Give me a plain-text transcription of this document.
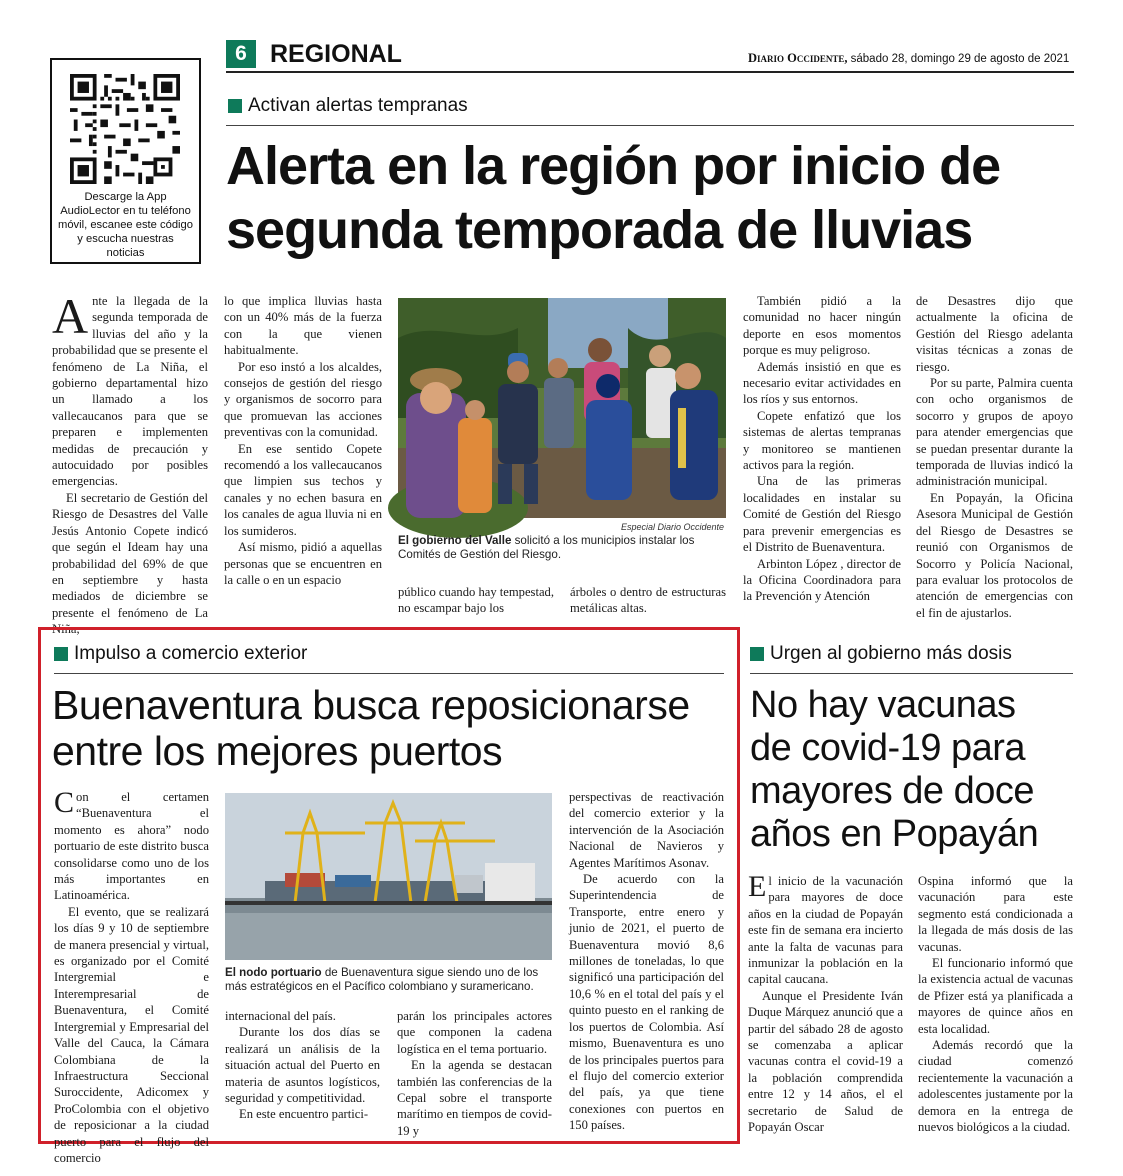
6 REGIONAL	Diario Occidente, sábado 28, domingo 29 de agosto de 2021
Descarge la App AudioLector en tu teléfono móvil, escanee este código y escucha nuestras noticias
Activan alertas tempranas
Alerta en la región por inicio de
segunda temporada de lluvias

Ante la llegada de la segunda temporada de lluvias del año y la probabilidad que se presente el fenómeno de La Niña, el gobierno departamental hizo un llamado a los vallecaucanos para que se preparen e implementen medidas de precaución y autocuidado por posibles emergencias.

El secretario de Gestión del Riesgo de Desastres del Valle Jesús Antonio Copete indicó que según el Ideam hay una probabilidad del 69% de que en septiembre y hasta mediados de diciembre se presente el fenómeno de La Niña,

lo que implica lluvias hasta con un 40% más de la fuerza con la que vienen habitualmente.

Por eso instó a los alcaldes, consejos de gestión del riesgo y organismos de socorro para que promuevan las acciones preventivas con la comunidad.

En ese sentido Copete recomendó a los vallecaucanos que limpien sus techos y canales y no echen basura en los canales de agua lluvia ni en los sumideros.

Así mismo, pidió a aquellas personas que se encuentren en la calle o en un espacio

Especial Diario Occidente
El gobierno del Valle solicitó a los municipios instalar los Comités de Gestión del Riesgo.

público cuando hay tempestad, no escampar bajo los

árboles o dentro de estructuras metálicas altas.

También pidió a la comunidad no hacer ningún deporte en esos momentos porque es muy peligroso.

Además insistió en que es necesario evitar actividades en los ríos y sus entornos.

Copete enfatizó que los sistemas de alertas tempranas y monitoreo se mantienen activos para la región.

Una de las primeras localidades en instalar su Comité de Gestión del Riesgo para prevenir emergencias es el Distrito de Buenaventura.

Arbinton López , director de la Oficina Coordinadora para la Prevención y Atención

de Desastres dijo que actualmente la oficina de Gestión del Riesgo adelanta visitas técnicas a zonas de riesgo.

Por su parte, Palmira cuenta con ocho organismos de socorro y grupos de apoyo para atender emergencias que se puedan presentar durante la temporada de lluvias indicó la administración municipal.

En Popayán, la Oficina Asesora Municipal de Gestión del Riesgo de Desastres se reunió con Organismos de Socorro y Policía Nacional, para evaluar los protocolos de atención de emergencias con el fin de ajustarlos.

Impulso a comercio exterior
Buenaventura busca reposicionarse
entre los mejores puertos

Con el certamen “Buenaventura el momento es ahora” nodo portuario de este distrito busca consolidarse como uno de los más importantes en Latinoamérica.

El evento, que se realizará los días 9 y 10 de septiembre de manera presencial y virtual, es organizado por el Comité Intergremial e Interempresarial de Buenaventura, el Comité Intergremial y Empresarial del Valle del Cauca, la Cámara Colombiana de la Infraestructura Seccional Suroccidente, Adicomex y ProColombia con el objetivo de reposicionar a la ciudad puerto para el flujo del comercio

El nodo portuario de Buenaventura sigue siendo uno de los más estratégicos en el Pacífico colombiano y suramericano.

internacional del país.

Durante los dos días se realizará un análisis de la situación actual del Puerto en materia de asuntos logísticos, seguridad y competitividad.

En este encuentro partici-

parán los principales actores que componen la cadena logística en el tema portuario.

En la agenda se destacan también las conferencias de la Cepal sobre el transporte marítimo en tiempos de covid-19 y

perspectivas de reactivación del comercio exterior y la intervención de la Asociación Nacional de Navieros y Agentes Marítimos Asonav.

De acuerdo con la Superintendencia de Transporte, entre enero y junio de 2021, el puerto de Buenaventura movió 8,6 millones de toneladas, lo que significó una participación del 10,6 % en el total del país y el quinto puesto en el ranking de los puertos de Colombia. Así mismo, Buenaventura es uno de los principales puertos para el flujo del comercio exterior del país, ya que tiene conexiones con puertos en 150 países.

Urgen al gobierno más dosis
No hay vacunas
de covid-19 para
mayores de doce
años en Popayán

El inicio de la vacunación para mayores de doce años en la ciudad de Popayán este fin de semana era incierto ante la falta de vacunas para inmunizar la población en la capital caucana.

Aunque el Presidente Iván Duque Márquez anunció que a partir del sábado 28 de agosto se comenzaba a aplicar vacunas contra el covid-19 a la población comprendida entre 12 y 14 años, el el secretario de Salud de Popayán Oscar

Ospina informó que la vacunación para este segmento está condicionada a la llegada de más dosis de las vacunas.

El funcionario informó que la existencia actual de vacunas de Pfizer está ya planificada a mayores de quince años en esta localidad.

Además recordó que la ciudad comenzó recientemente la vacunación a adolescentes justamente por la demora en la entrega de nuevos biológicos a la ciudad.
